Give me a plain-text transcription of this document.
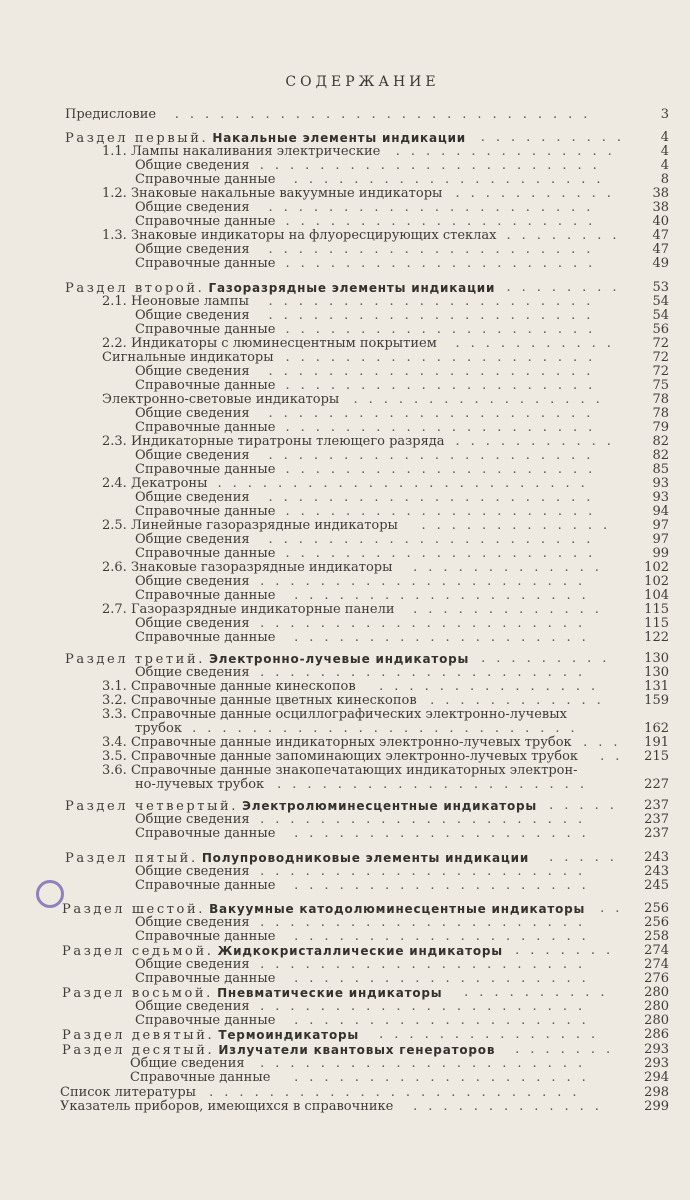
СОДЕРЖАНИЕ
Предисловие	3
............................
Раздел первый. Накальные элементы индикации	4
..........
1.1. Лампы накаливания электрические	4
...............
Общие сведения	4
.......................
Справочные данные	8
.....................
1.2. Знаковые накальные вакуумные индикаторы	38
...........
Общие сведения	38
......................
Справочные данные	40
.....................
1.3. Знаковые индикаторы на флуоресцирующих стеклах	47
........
Общие сведения	47
......................
Справочные данные	49
.....................
Раздел второй. Газоразрядные элементы индикации	53
........
2.1. Неоновые лампы	54
......................
Общие сведения	54
......................
Справочные данные	56
.....................
2.2. Индикаторы с люминесцентным покрытием	72
...........
Сигнальные индикаторы	72
.....................
Общие сведения	72
......................
Справочные данные	75
.....................
Электронно-световые индикаторы	78
.................
Общие сведения	78
......................
Справочные данные	79
.....................
2.3. Индикаторные тиратроны тлеющего разряда	82
...........
Общие сведения	82
......................
Справочные данные	85
.....................
2.4. Декатроны	93
.........................
Общие сведения	93
......................
Справочные данные	94
.....................
2.5. Линейные газоразрядные индикаторы	97
.............
Общие сведения	97
......................
Справочные данные	99
.....................
2.6. Знаковые газоразрядные индикаторы	102
.............
Общие сведения	102
......................
Справочные данные	104
....................
2.7. Газоразрядные индикаторные панели	115
.............
Общие сведения	115
......................
Справочные данные	122
....................
Раздел третий. Электронно-лучевые индикаторы	130
.........
Общие сведения	130
......................
3.1. Справочные данные кинескопов	131
...............
3.2. Справочные данные цветных кинескопов	159
............
3.3. Справочные данные осциллографических электронно-лучевых
трубок	162
..........................
3.4. Справочные данные индикаторных электронно-лучевых трубок	191
...
3.5. Справочные данные запоминающих электронно-лучевых трубок	215
..
3.6. Справочные данные знакопечатающих индикаторных электрон-
но-лучевых трубок	227
.....................
Раздел четвертый. Электролюминесцентные индикаторы	237
.....
Общие сведения	237
......................
Справочные данные	237
....................
Раздел пятый. Полупроводниковые элементы индикации	243
.....
Общие сведения	243
......................
Справочные данные	245
....................
Раздел шестой. Вакуумные катодолюминесцентные индикаторы	256
..
Общие сведения	256
......................
Справочные данные	258
....................
Раздел седьмой. Жидкокристаллические индикаторы	274
.......
Общие сведения	274
......................
Справочные данные	276
....................
Раздел восьмой. Пневматические индикаторы	280
..........
Общие сведения	280
......................
Справочные данные	280
....................
Раздел девятый. Термоиндикаторы	286
...............
Раздел десятый. Излучатели квантовых генераторов	293
.......
Общие сведения	293
......................
Справочные данные	294
....................
Список литературы	298
.........................
Указатель приборов, имеющихся в справочнике	299
.............
